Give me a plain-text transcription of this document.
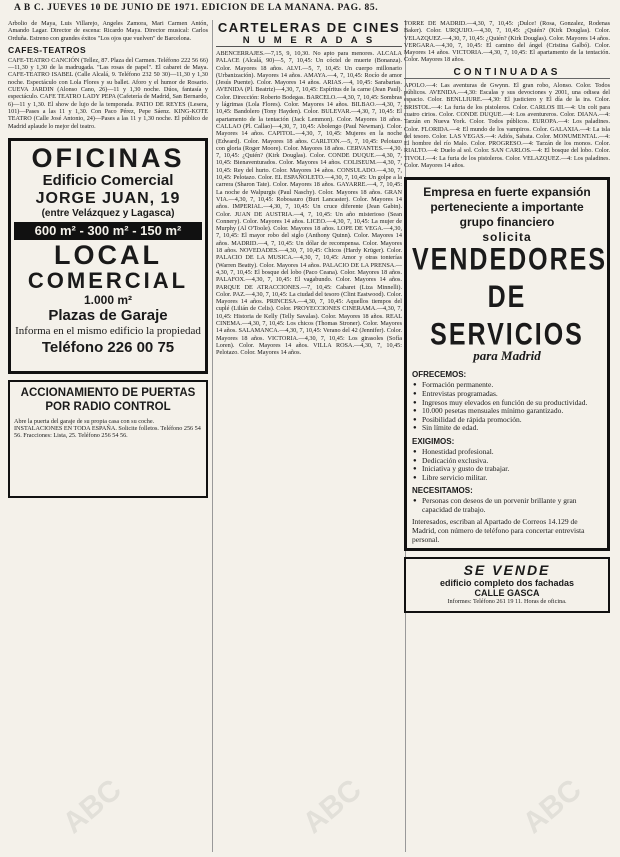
A B C. JUEVES 10 DE JUNIO DE 1971. EDICION DE LA MAÑANA. PAG. 85.

Arbolio de Maya, Luis Villarejo, Angeles Zamora, Mari Carmen Antón, Amando Lagar. Director de escena: Ricardo Maya. Director musical: Carlos Orduña. Estreno con grandes éxitos "Los ojos que vuelven" de Barcelona.

CAFES-TEATROS

CAFE-TEATRO CANCIÓN (Tellez, 87. Plaza del Carmen. Teléfono 222 56 66)—11,30 y 1,30 de la madrugada. "Las rosas de papel". El cabaret de Maya. CAFE-TEATRO ISABEL (Calle Alcalá, 9. Teléfono 232 50 30)—11,30 y 1,30 noche. Espectáculo con Lola Flores y su ballet. Aforo y el humor de Rosario. CUEVA JARDIN (Alonso Cano, 26)—11 y 1,30 noche. Dúos, fantasía y espectáculo. CAFE TEATRO LADY PEPA (Cafetería de Madrid, San Bernardo, 6)—11 y 1,30. El show de lujo de la temporada. PATIO DE REYES (Lesera, 101)—Pases a las 11 y 1,30. Con Paco Pérez, Pepe Sáenz. KING-KOTE TEATRO (Calle José Antonio, 24)—Pases a las 11 y 1,30 noche. El público de Madrid aplaude lo mejor del teatro.

OFICINAS
Edificio Comercial
JORGE JUAN, 19
(entre Velázquez y Lagasca)
600 m² - 300 m² - 150 m²
LOCAL
COMERCIAL
1.000 m²
Plazas de Garaje
Informa en el mismo edificio la propiedad
Teléfono 226 00 75
ACCIONAMIENTO DE PUERTAS POR RADIO CONTROL

Abre la puerta del garaje de su propia casa con su coche. INSTALACIONES EN TODA ESPAÑA. Solicite folletos. Teléfono 256 54 56. Fracciones: Lista, 25. Teléfono 256 54 56.

CARTELERAS DE CINES
N U M E R A D A S

ABENCERRAJES.—7,15, 9, 10,30. No apto para menores. ALCALA PALACE (Alcalá, 90)—5, 7, 10,45: Un cóctel de muerte (Bonanza). Color. Mayores 18 años. ALVI.—5, 7, 10,45: Un cuerpo millonario (Urbanización). Mayores 14 años. AMAYA.—4, 7, 10,45: Rocío de amor (Jesús Puente). Color. Mayores 14 años. ARIAS.—4, 10,45: Sarabarias. AVENIDA (Pl. Beatriz)—4,30, 7, 10,45: Espíritus de la carne (Jean Paul). Color. Dirección: Roberto Bodegas. BARCELO.—4,30, 7, 10,45: Sombras y lágrimas (Lola Flores). Color. Mayores 14 años. BILBAO.—4,30, 7, 10,45: Bandolero (Tony Hayden). Color. BULEVAR.—4,30, 7, 10,45: El apartamento de la tentación (Jack Lemmon). Color. Mayores 18 años. CALLAO (Pl. Callao)—4,30, 7, 10,45: Abolengo (Paul Newman). Color. Mayores 14 años. CAPITOL.—4,30, 7, 10,45: Mujeres en la noche (Edward). Color. Mayores 18 años. CARLTON.—5, 7, 10,45: Pelotazo con gloria (Roger Moore). Color. Mayores 18 años. CERVANTES.—4,30, 7, 10,45: ¿Quién? (Kirk Douglas). Color. CONDE DUQUE.—4,30, 7, 10,45: Bienaventurados. Color. Mayores 14 años. COLISEUM.—4,30, 7, 10,45: Rey del hurto. Color. Mayores 14 años. CONSULADO.—4,30, 7, 10,45: Pelotazo. Color. EL ESPAÑOLETO.—4,30, 7, 10,45: Un golpe a la carrera (Sharon Tate). Color. Mayores 18 años. GAYARRE.—4, 7, 10,45: La noche de Walpurgis (Paul Naschy). Color. Mayores 18 años. GRAN VIA.—4,30, 7, 10,45: Robosauro (Burt Lancaster). Color. Mayores 14 años. IMPERIAL.—4,30, 7, 10,45: Un cruce diferente (Jean Gabin). Color. JUAN DE AUSTRIA.—4, 7, 10,45: Un año misterioso (Sean Connery). Color. Mayores 14 años. LICEO.—4,30, 7, 10,45: La mujer de Murphy (Al O'Toole). Color. Mayores 18 años. LOPE DE VEGA.—4,30, 7, 10,45: El mayor robo del siglo (Anthony Quinn). Color. Mayores 14 años. MADRID.—4, 7, 10,45: Un dólar de recompensa. Color. Mayores 18 años. NOVEDADES.—4,30, 7, 10,45: Chicos (Hardy Krüger). Color. PALACIO DE LA MUSICA.—4,30, 7, 10,45: Amor y otras tonterías (Warren Beatty). Color. Mayores 14 años. PALACIO DE LA PRENSA.—4,30, 7, 10,45: El bosque del lobo (Paco Ceana). Color. Mayores 18 años. PALAFOX.—4,30, 7, 10,45: El vagabundo. Color. Mayores 14 años. PARQUE DE ATRACCIONES.—7, 10,45: Cabaret (Liza Minnelli). Color. PAZ.—4,30, 7, 10,45: La ciudad del tesoro (Clint Eastwood). Color. Mayores 14 años. PRINCESA.—4,30, 7, 10,45: Aquellos tiempos del cuplé (Lilián de Celis). Color. PROYECCIONES CINERAMA.—4,30, 7, 10,45: Historia de Kelly (Telly Savalas). Color. Mayores 18 años. REAL CINEMA.—4,30, 7, 10,45: Los chicos (Thomas Stroner). Color. Mayores 14 años. SALAMANCA.—4,30, 7, 10,45: Verano del 42 (Jennifer). Color. Mayores 18 años. VICTORIA.—4,30, 7, 10,45: Los girasoles (Sofía Loren). Color. Mayores 14 años. VILLA ROSA.—4,30, 7, 10,45: Pelotazo. Color. Mayores 14 años.

TORRE DE MADRID.—4,30, 7, 10,45: ¡Dulce! (Rosa, Gonzalez, Rodenas Baker). Color. URQUIJO.—4,30, 7, 10,45: ¿Quién? (Kirk Douglas). Color. VELAZQUEZ.—4,30, 7, 10,45: ¿Quién? (Kirk Douglas). Color. Mayores 14 años. VERGARA.—4,30, 7, 10,45: El camino del ángel (Cristina Galbó). Color. Mayores 14 años. VICTORIA.—4,30, 7, 10,45: El apartamento de la tentación. Color. Mayores 18 años.

CONTINUADAS

APOLO.—4: Las aventuras de Gwynn. El gran robo, Alonso. Color. Todos públicos. AVENIDA.—4,30: Escalas y sus devociones y 2001, una odisea del espacio. Color. BENLLIURE.—4,30: El justiciero y El día de la ira. Color. BRISTOL.—4: La furia de los pistoleros. Color. CARLOS III.—4: Un colt para cuatro cirios. Color. CONDE DUQUE.—4: Los aventureros. Color. DIANA.—4: Tarzán en Nueva York. Color. Todos públicos. EUROPA.—4: Los paladines. Color. FLORIDA.—4: El mundo de los vampiros. Color. GALAXIA.—4: La isla del tesoro. Color. LAS VEGAS.—4: Adiós, Sabata. Color. MONUMENTAL.—4: El hombre del río Malo. Color. PROGRESO.—4: Tarzán de los monos. Color. RIALTO.—4: Duelo al sol. Color. SAN CARLOS.—4: El bosque del lobo. Color. TIVOLI.—4: La furia de los pistoleros. Color. VELAZQUEZ.—4: Los paladines. Color. Mayores 14 años.

Empresa en fuerte expansión perteneciente a importante grupo financiero
solicita
VENDEDORES
DE SERVICIOS
para Madrid
OFRECEMOS:
● Formación permanente.
● Entrevistas programadas.
● Ingresos muy elevados en función de su productividad.
● 10.000 pesetas mensuales mínimo garantizado.
● Posibilidad de rápida promoción.
● Sin límite de edad.
EXIGIMOS:
● Honestidad profesional.
● Dedicación exclusiva.
● Iniciativa y gusto de trabajar.
● Libre servicio militar.
NECESITAMOS:
● Personas con deseos de un porvenir brillante y gran capacidad de trabajo.
Interesados, escriban al Apartado de Correos 14.129 de Madrid, con número de teléfono para concertar entrevista personal.
SE VENDE
edificio completo dos fachadas
CALLE GASCA

Informes: Teléfono 261 19 11. Horas de oficina.

ABC	ABC	ABC
